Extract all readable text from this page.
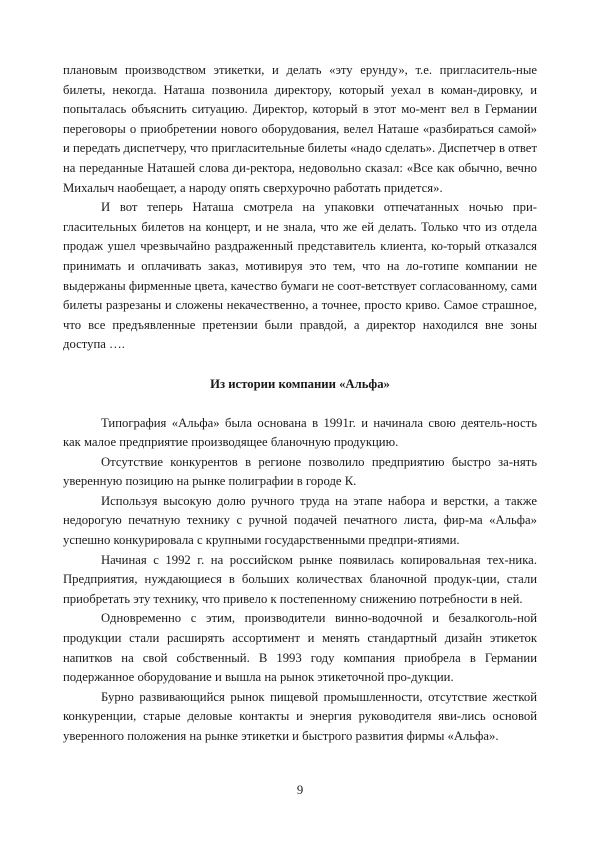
плановым производством этикетки, и делать «эту ерунду», т.е. пригласитель-ные билеты, некогда. Наташа позвонила директору, который уехал в коман-дировку, и попыталась объяснить ситуацию. Директор, который в этот мо-мент вел в Германии переговоры о приобретении нового оборудования, велел Наташе «разбираться самой» и передать диспетчеру, что пригласительные билеты «надо сделать». Диспетчер в ответ на переданные Наташей слова ди-ректора, недовольно сказал: «Все как обычно, вечно Михалыч наобещает, а народу опять сверхурочно работать придется».

И вот теперь Наташа смотрела на упаковки отпечатанных ночью при-гласительных билетов на концерт, и не знала, что же ей делать. Только что из отдела продаж ушел чрезвычайно раздраженный представитель клиента, ко-торый отказался принимать и оплачивать заказ, мотивируя это тем, что на ло-готипе компании не выдержаны фирменные цвета, качество бумаги не соот-ветствует согласованному, сами билеты разрезаны и сложены некачественно, а точнее, просто криво. Самое страшное, что все предъявленные претензии были правдой, а директор находился вне зоны доступа ….

Из истории компании «Альфа»

Типография «Альфа» была основана в 1991г. и начинала свою деятель-ность как малое предприятие производящее бланочную продукцию.

Отсутствие конкурентов в регионе позволило предприятию быстро за-нять уверенную позицию на рынке полиграфии в городе К.

Используя высокую долю ручного труда на этапе набора и верстки, а также недорогую печатную технику с ручной подачей печатного листа, фир-ма «Альфа» успешно конкурировала с крупными государственными предпри-ятиями.

Начиная с 1992 г. на российском рынке появилась копировальная тех-ника. Предприятия, нуждающиеся в больших количествах бланочной продук-ции, стали приобретать эту технику, что привело к постепенному снижению потребности в ней.

Одновременно с этим, производители винно-водочной и безалкоголь-ной продукции стали расширять ассортимент и менять стандартный дизайн этикеток напитков на свой собственный. В 1993 году компания приобрела в Германии подержанное оборудование и вышла на рынок этикеточной про-дукции.

Бурно развивающийся рынок пищевой промышленности, отсутствие жесткой конкуренции, старые деловые контакты и энергия руководителя яви-лись основой уверенного положения на рынке этикетки и быстрого развития фирмы «Альфа».

9
